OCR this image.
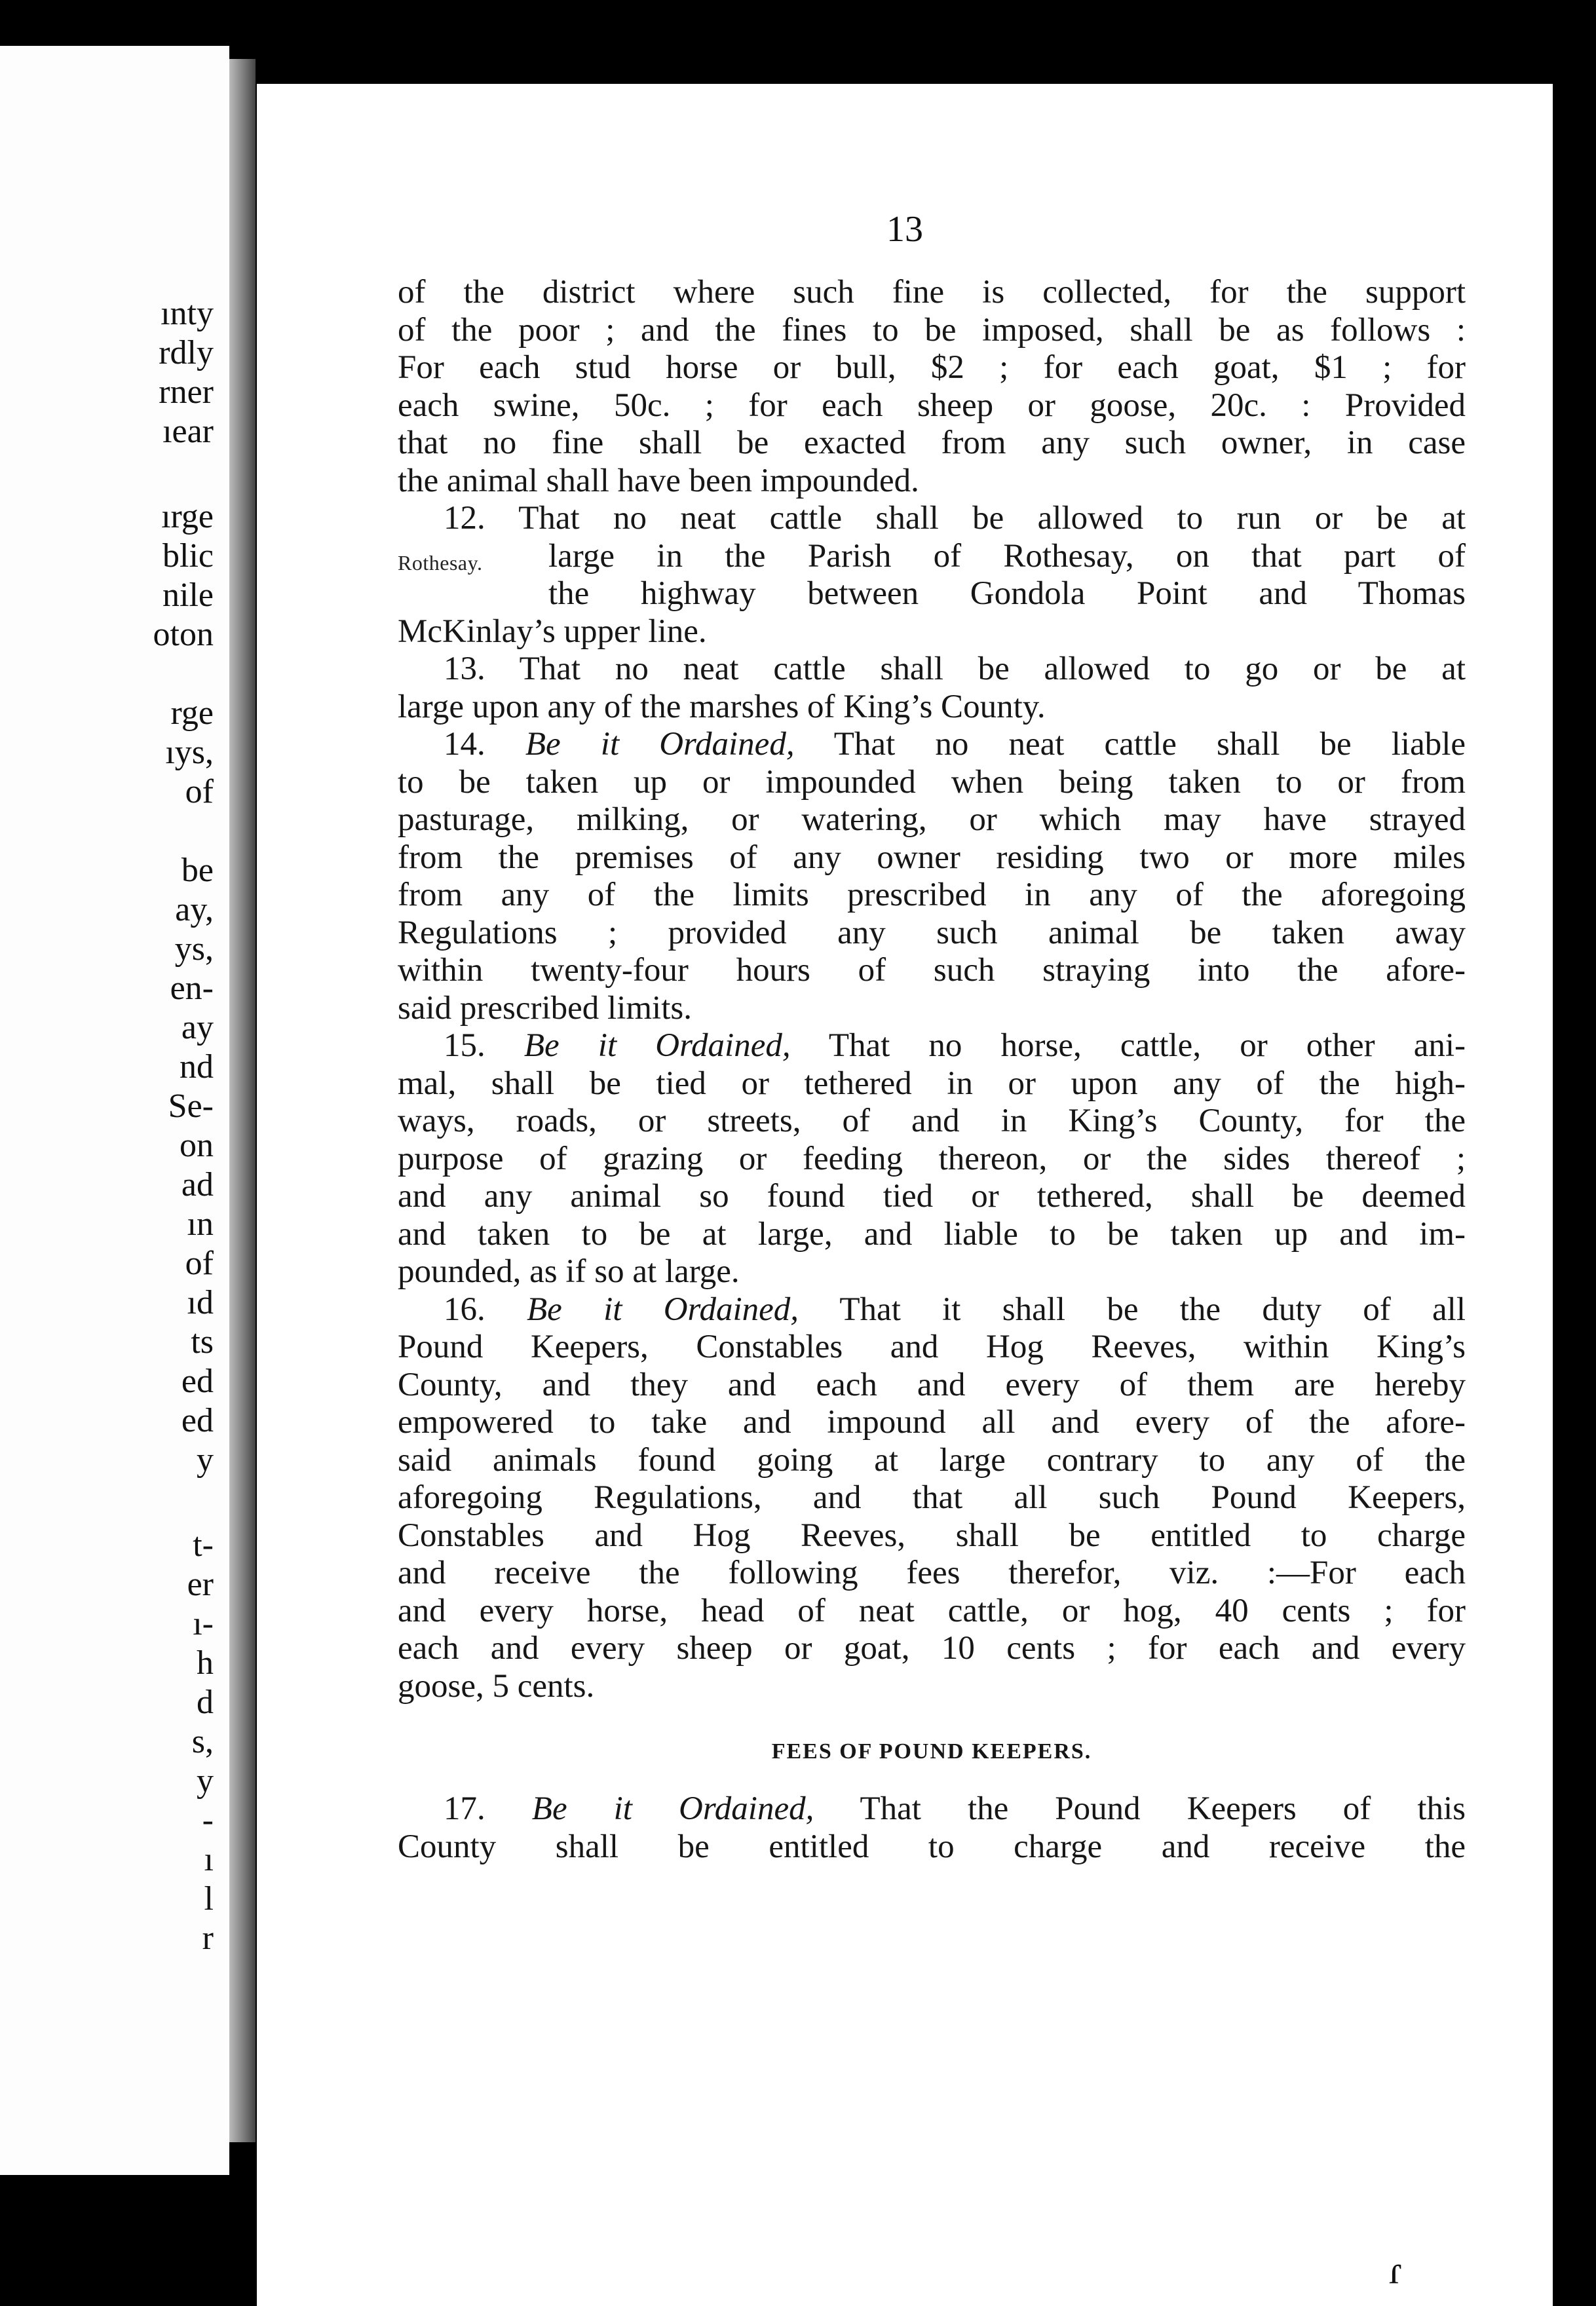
ınty
rdly
rner
ıear
ırge
blic
nile
oton
rge
ıys,
of
be
ay,
ys,
en-
ay
nd
Se-
on
ad
ın
of
ıd
ts
ed
ed
y
t-
er
ı-
h
d
s,
y
-
ı
l
r
13
of the district where such fine is collected, for the support
of the poor ; and the fines to be imposed, shall be as follows :
For each stud horse or bull, $2 ; for each goat, $1 ; for
each swine, 50c. ; for each sheep or goose, 20c. : Provided
that no fine shall be exacted from any such owner, in case
the animal shall have been impounded.
12. That no neat cattle shall be allowed to run or be at
Rothesay. large in the Parish of Rothesay, on that part of
the highway between Gondola Point and Thomas
McKinlay’s upper line.
13. That no neat cattle shall be allowed to go or be at
large upon any of the marshes of King’s County.
14. Be it Ordained, That no neat cattle shall be liable
to be taken up or impounded when being taken to or from
pasturage, milking, or watering, or which may have strayed
from the premises of any owner residing two or more miles
from any of the limits prescribed in any of the aforegoing
Regulations ; provided any such animal be taken away
within twenty-four hours of such straying into the afore-
said prescribed limits.
15. Be it Ordained, That no horse, cattle, or other ani-
mal, shall be tied or tethered in or upon any of the high-
ways, roads, or streets, of and in King’s County, for the
purpose of grazing or feeding thereon, or the sides thereof ;
and any animal so found tied or tethered, shall be deemed
and taken to be at large, and liable to be taken up and im-
pounded, as if so at large.
16. Be it Ordained, That it shall be the duty of all
Pound Keepers, Constables and Hog Reeves, within King’s
County, and they and each and every of them are hereby
empowered to take and impound all and every of the afore-
said animals found going at large contrary to any of the
aforegoing Regulations, and that all such Pound Keepers,
Constables and Hog Reeves, shall be entitled to charge
and receive the following fees therefor, viz. :—For each
and every horse, head of neat cattle, or hog, 40 cents ; for
each and every sheep or goat, 10 cents ; for each and every
goose, 5 cents.
FEES OF POUND KEEPERS.
17. Be it Ordained, That the Pound Keepers of this
County shall be entitled to charge and receive the
ɾ
